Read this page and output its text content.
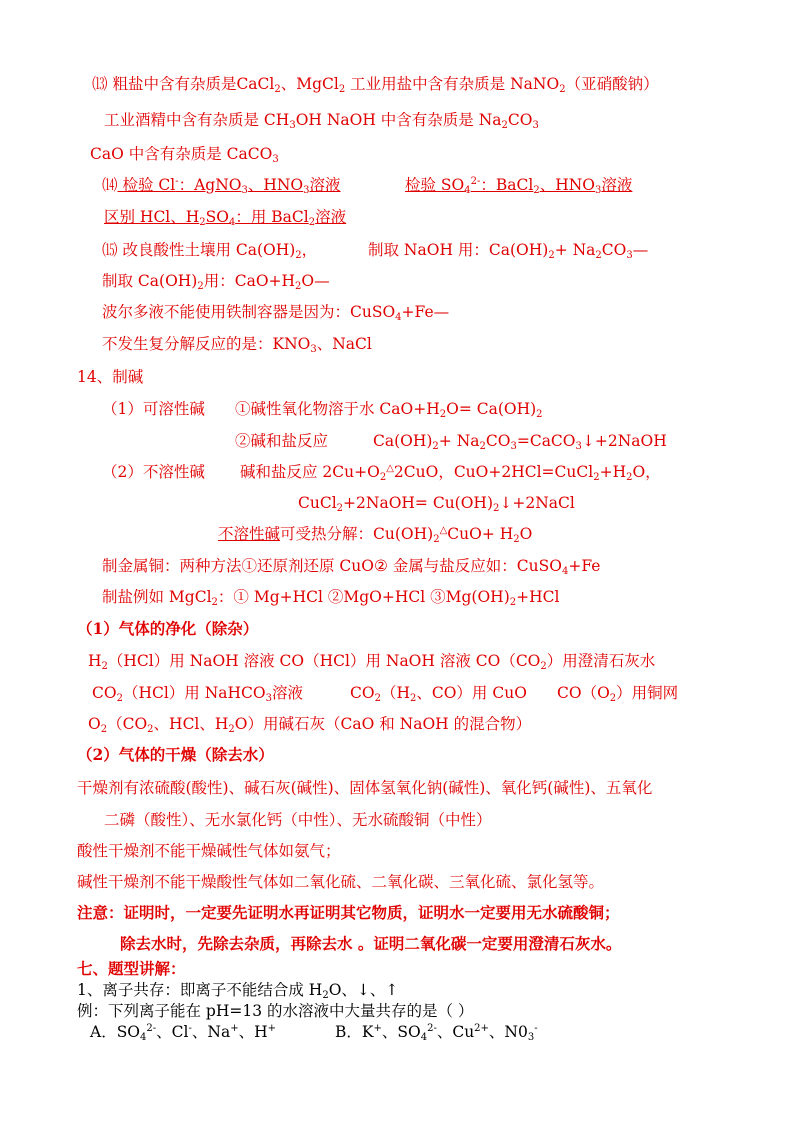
⒀ 粗盐中含有杂质是CaCl$_2$、MgCl$_2$ 工业用盐中含有杂质是 NaNO$_2$（亚硝酸钠）
工业酒精中含有杂质是 $CH_3OH$ NaOH 中含有杂质是 $Na_2CO_3$
CaO 中含有杂质是 CaCO$_3$
⒁ 检验 Cl-：AgNO$_3$、$HNO_3$溶液	检验 $SO_4^{2-}$：BaCl$_2$、$HNO_3$溶液
区别 HCl、$H_2SO_4$：用 BaCl$_2$溶液
⒂ 改良酸性土壤用 $Ca(OH)_2$，	制取 NaOH 用：$Ca(OH)_2+$ $Na_2CO_3—$
制取 $Ca(OH)_2$用：$CaO+H_2O—$
波尔多液不能使用铁制容器是因为：CuSO$_4$+Fe—
不发生复分解反应的是：$KNO_3$、NaCl
14、制碱
（1）可溶性碱 ①碱性氧化物溶于水 $CaO+H_2O= Ca(OH)_2$
②碱和盐反应	$Ca(OH)_2+$ $Na_2CO_3=CaCO_3↓+2NaOH$
（2）不溶性碱 碱和盐反应 $2Cu+O_2^\triangle 2CuO$，$CuO+2HCl=CuCl_2+H_2O$，
CuCl$_2$+2NaOH= $Cu(OH)_2↓+2NaCl$
不溶性碱可受热分解：$Cu(OH)_2^\triangle CuO+ H_2O$
制金属铜：两种方法①还原剂还原 CuO② 金属与盐反应如：CuSO$_4$+Fe
制盐例如 MgCl$_2$：① Mg+HCl ②MgO+HCl $③Mg(OH)_2+HCl$
（1）气体的净化（除杂）
$H_2(HCl)$用 NaOH 溶液 CO（HCl）用 NaOH 溶液 $CO(CO_2)$用澄清石灰水
$CO_2(HCl)$用 NaHCO$_3$溶液	$CO_2(H_2$、CO）用 CuO $CO(O_2)$用铜网
$O_2(CO_2$、HCl、$H_2O$）用碱石灰（CaO 和 NaOH 的混合物）
（2）气体的干燥（除去水）
干燥剂有浓硫酸(酸性)、碱石灰(碱性)、固体氢氧化钠(碱性)、氧化钙(碱性)、五氧化
二磷（酸性）、无水氯化钙（中性）、无水硫酸铜（中性）
酸性干燥剂不能干燥碱性气体如氨气；
碱性干燥剂不能干燥酸性气体如二氧化硫、二氧化碳、三氧化硫、氯化氢等。
注意：证明时，一定要先证明水再证明其它物质，证明水一定要用无水硫酸铜；
除去水时，先除去杂质，再除去水 。证明二氧化碳一定要用澄清石灰水。
七、题型讲解：
1、离子共存：即离子不能结合成 $H_2O$、↓、↑
例：下列离子能在 pH=13 的水溶液中大量共存的是（ ）
A．$SO_4^{2-}$、Cl-、Na+、H+	B．K+、$SO_4^{2-}$、$Cu^{2+}$、$N0_3^-$
